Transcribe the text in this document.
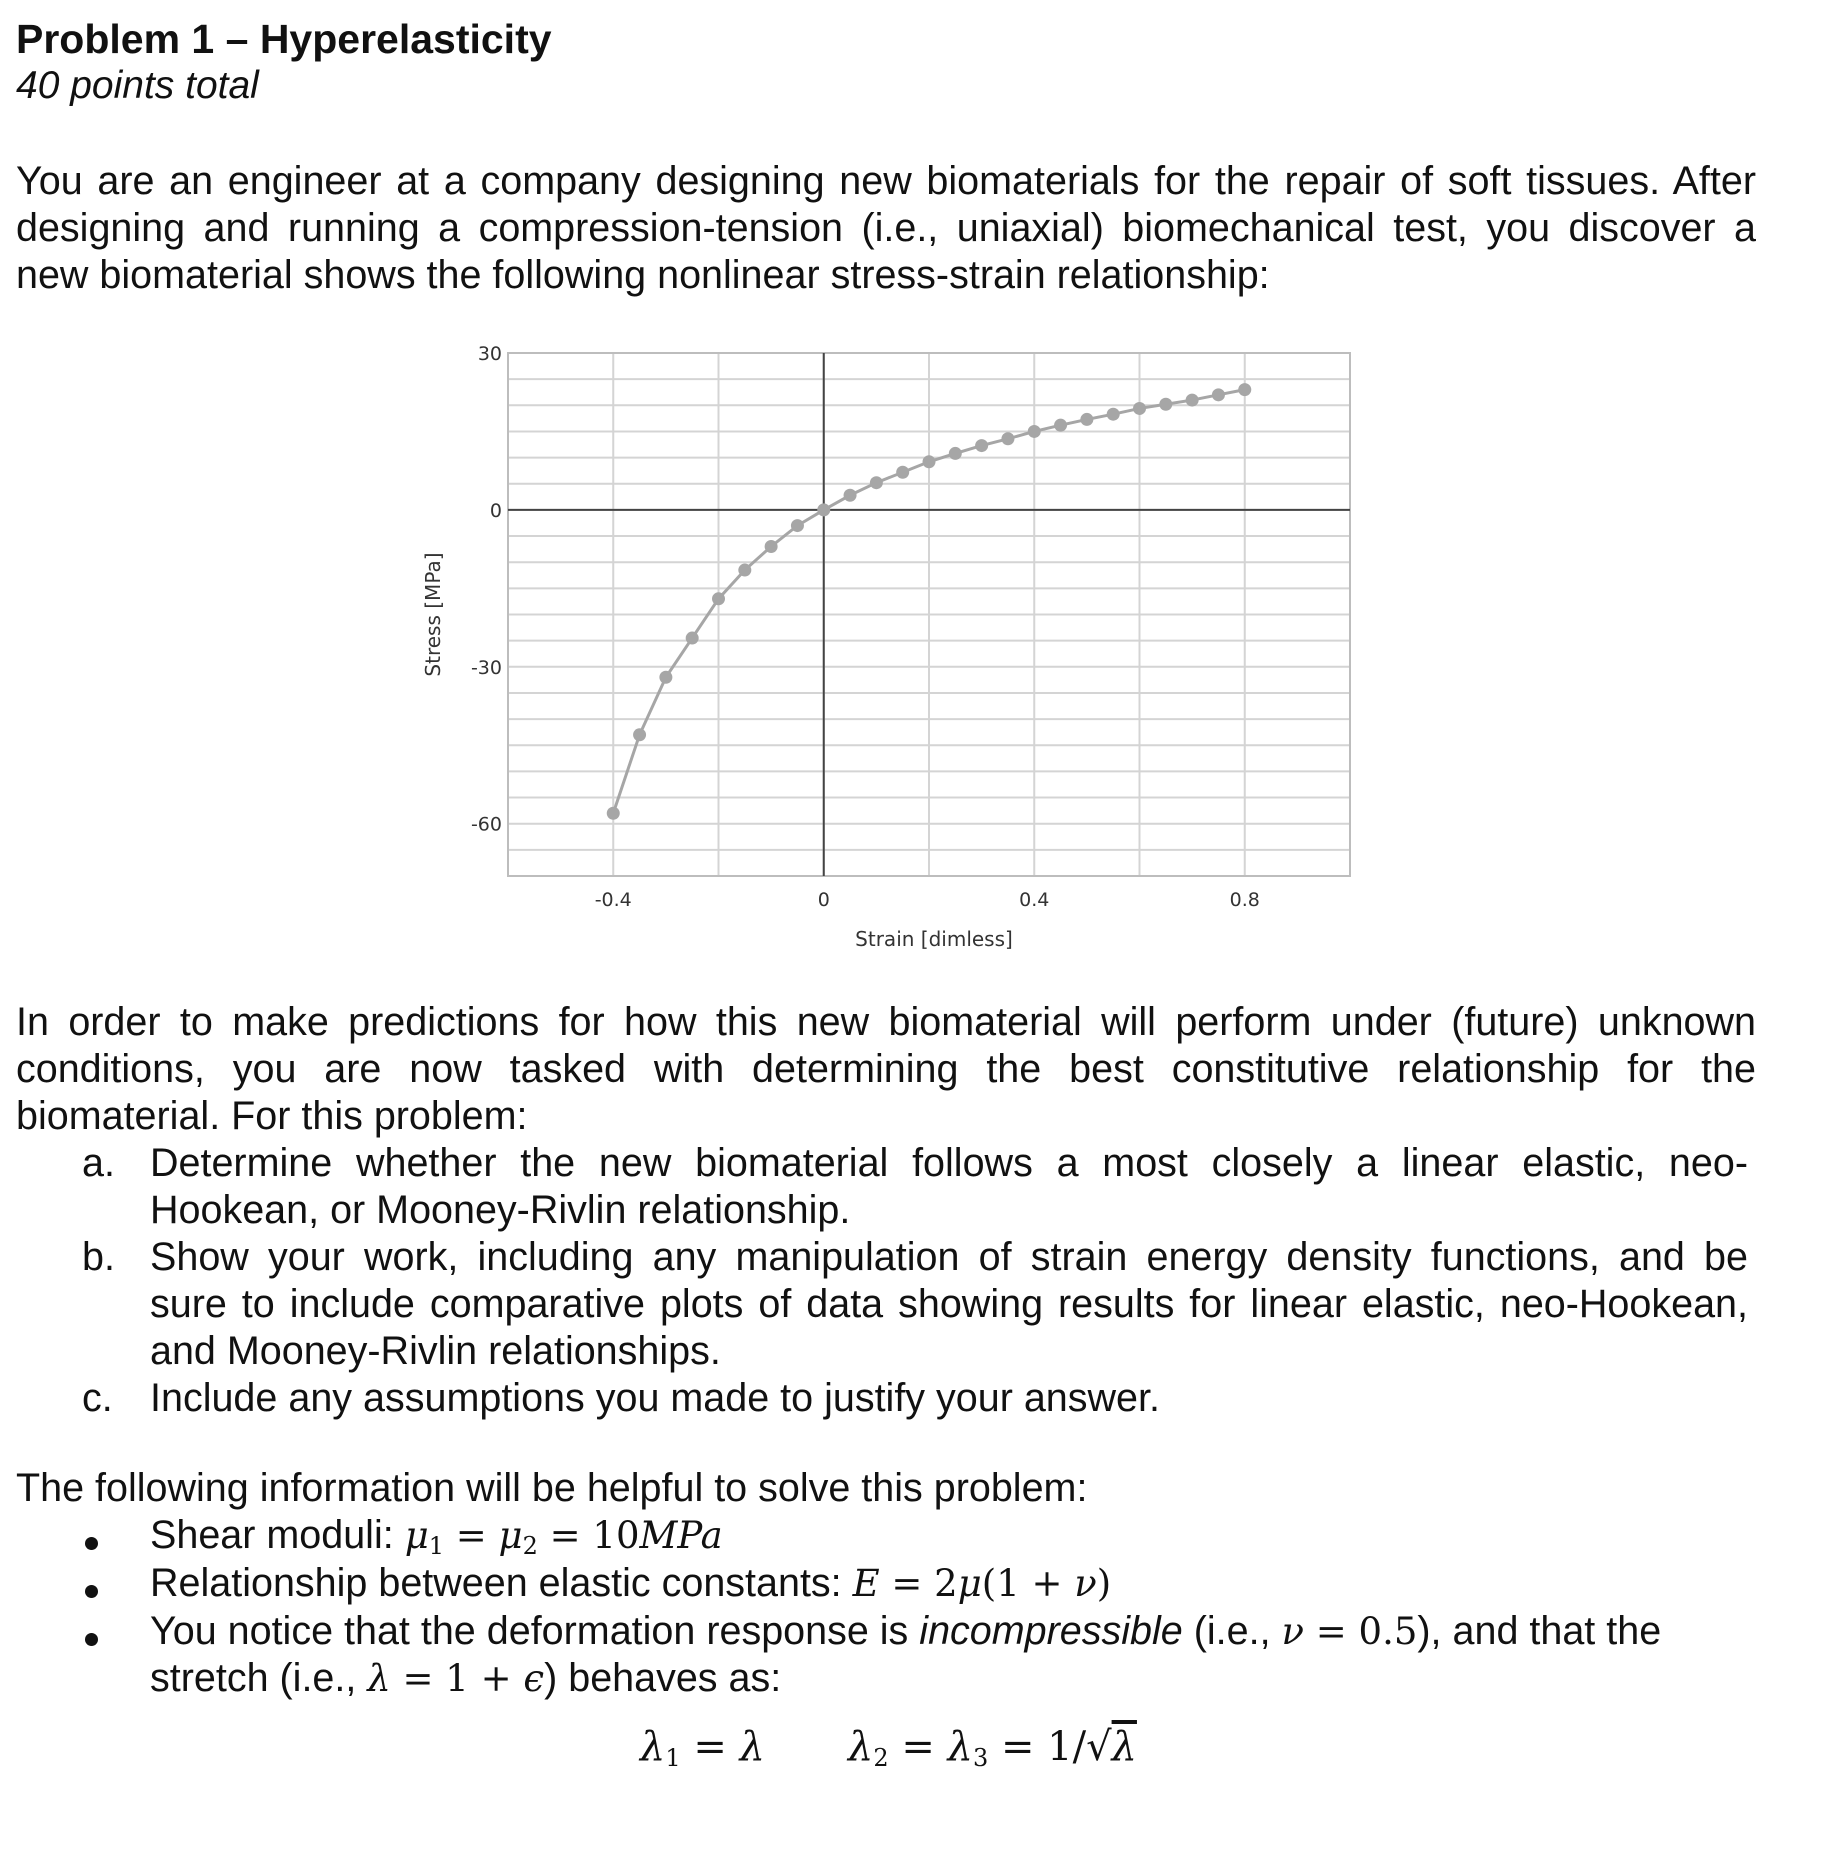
Problem 1 – Hyperelasticity
40 points total
You are an engineer at a company designing new biomaterials for the repair of soft tissues. After
designing and running a compression-tension (i.e., uniaxial) biomechanical test, you discover a
new biomaterial shows the following nonlinear stress-strain relationship:
-0.4	0	0.4	0.8
30
0
-30
-60
Strain [dimless]
Stress [MPa]
In order to make predictions for how this new biomaterial will perform under (future) unknown
conditions, you are now tasked with determining the best constitutive relationship for the
biomaterial. For this problem:
a. Determine whether the new biomaterial follows a most closely a linear elastic, neo-
Hookean, or Mooney-Rivlin relationship.
b. Show your work, including any manipulation of strain energy density functions, and be
sure to include comparative plots of data showing results for linear elastic, neo-Hookean,
and Mooney-Rivlin relationships.
c. Include any assumptions you made to justify your answer.
The following information will be helpful to solve this problem:
Shear moduli: $\mu_1 = \mu_2 = 10MPa$
Relationship between elastic constants: E = 2μ(1 + ν)
You notice that the deformation response is incompressible (i.e., ν = 0.5), and that the
stretch (i.e., λ = 1 + ϵ) behaves as:
$\lambda_1 = \lambda$ $\lambda_2 = \lambda_3 = 1/√\lambda$
